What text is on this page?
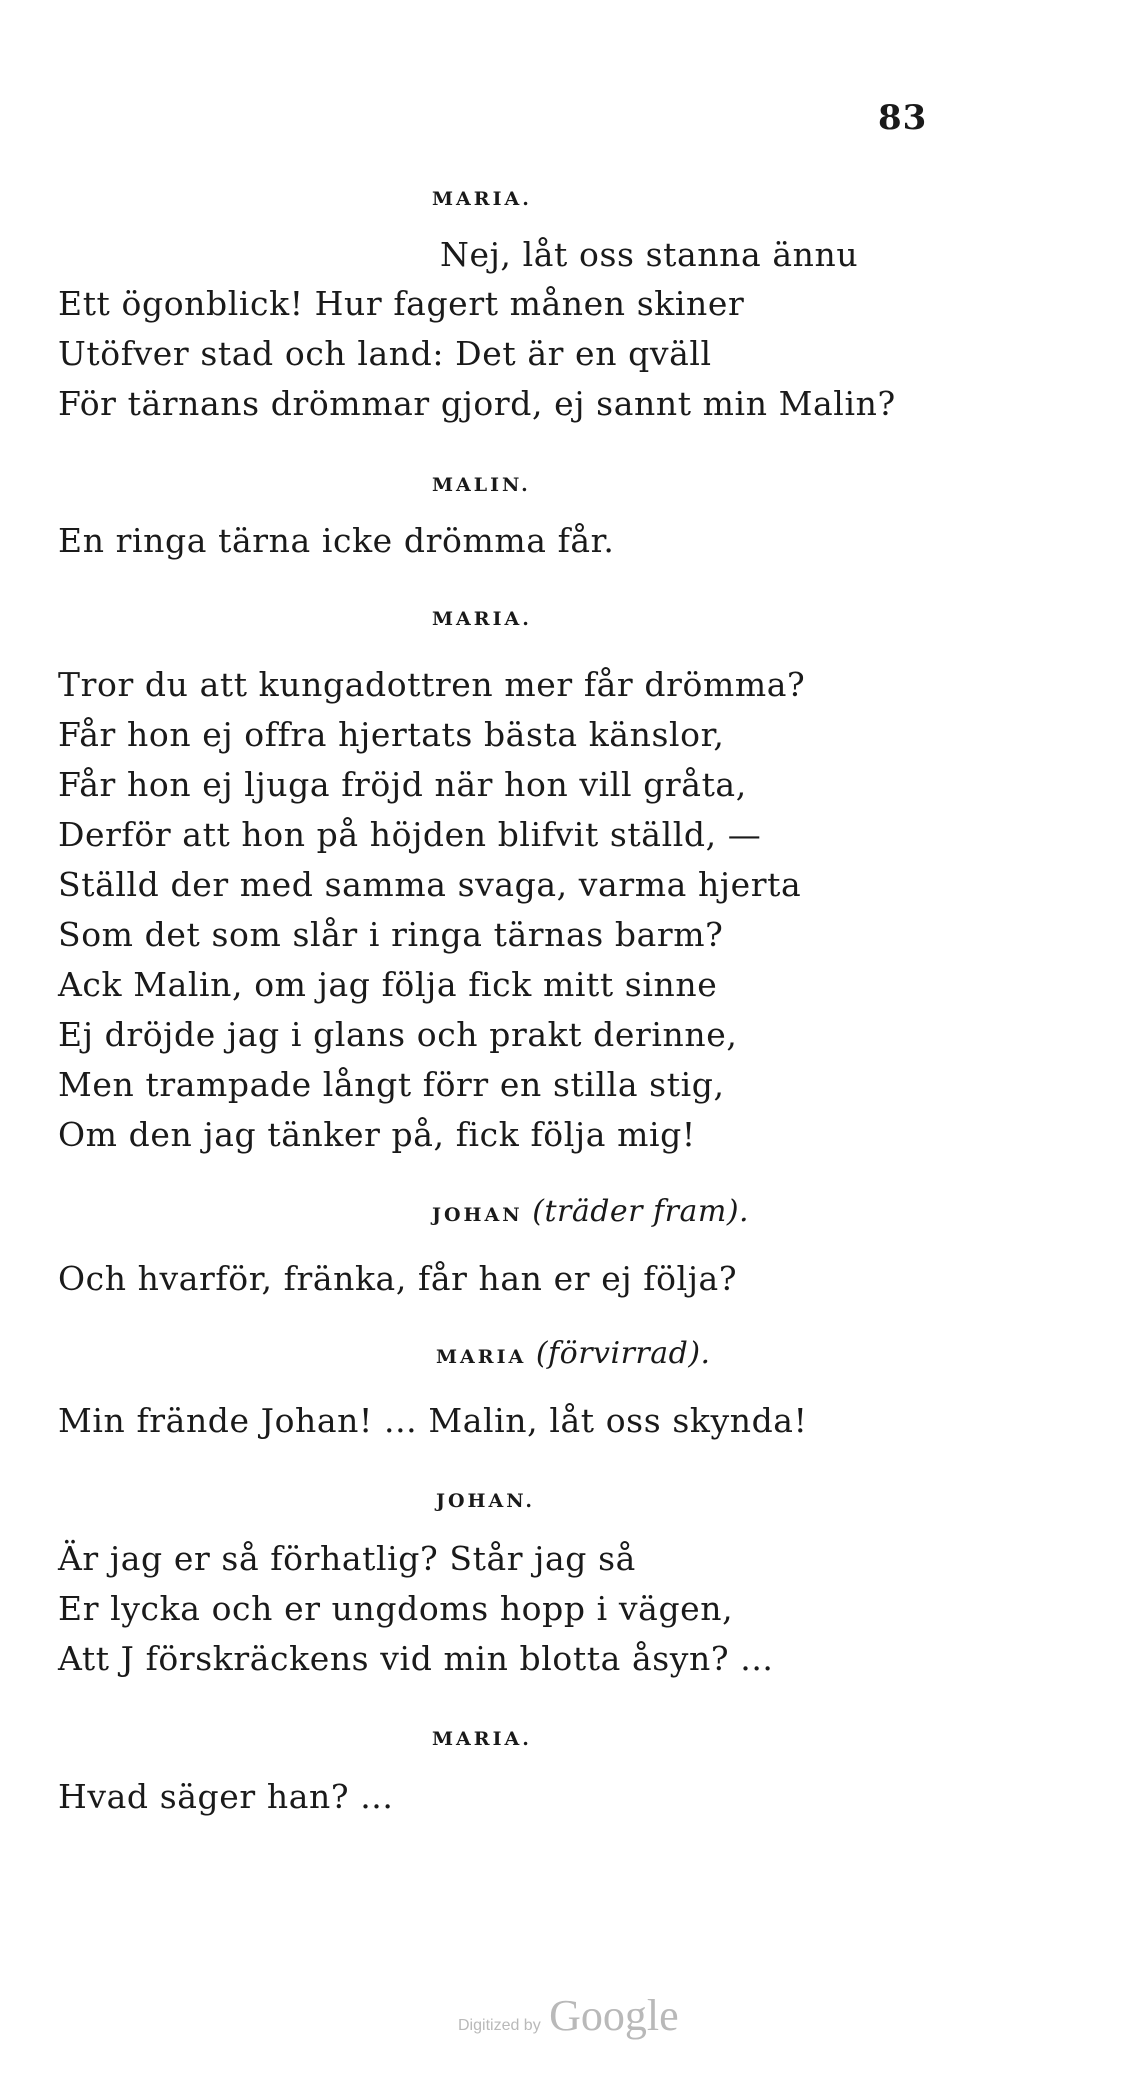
83
MARIA.
Nej, låt oss stanna ännu
Ett ögonblick! Hur fagert månen skiner
Utöfver stad och land: Det är en qväll
För tärnans drömmar gjord, ej sannt min Malin?
MALIN.
En ringa tärna icke drömma får.
MARIA.
Tror du att kungadottren mer får drömma?
Får hon ej offra hjertats bästa känslor,
Får hon ej ljuga fröjd när hon vill gråta,
Derför att hon på höjden blifvit ställd, —
Ställd der med samma svaga, varma hjerta
Som det som slår i ringa tärnas barm?
Ack Malin, om jag följa fick mitt sinne
Ej dröjde jag i glans och prakt derinne,
Men trampade långt förr en stilla stig,
Om den jag tänker på, fick följa mig!
JOHAN (träder fram).
Och hvarför, fränka, får han er ej följa?
MARIA (förvirrad).
Min frände Johan! ... Malin, låt oss skynda!
JOHAN.
Är jag er så förhatlig? Står jag så
Er lycka och er ungdoms hopp i vägen,
Att J förskräckens vid min blotta åsyn? ...
MARIA.
Hvad säger han? ...
Digitized by Google
